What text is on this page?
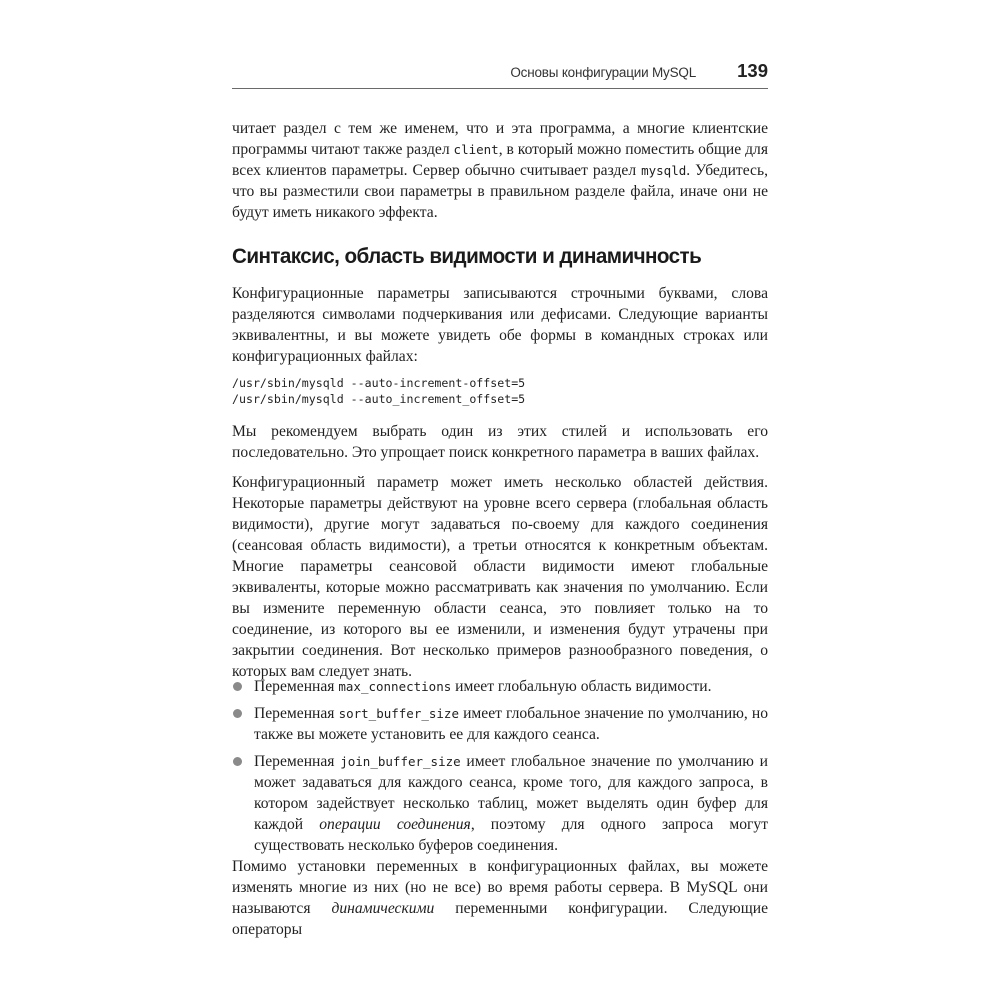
Основы конфигурации MySQL 139

читает раздел с тем же именем, что и эта программа, а многие клиентские программы читают также раздел client, в который можно поместить общие для всех клиентов параметры. Сервер обычно считывает раздел mysqld. Убедитесь, что вы разместили свои параметры в правильном разделе файла, иначе они не будут иметь никакого эффекта.

Синтаксис, область видимости и динамичность

Конфигурационные параметры записываются строчными буквами, слова разделяются символами подчеркивания или дефисами. Следующие варианты эквивалентны, и вы можете увидеть обе формы в командных строках или конфигурационных файлах:

/usr/sbin/mysqld --auto-increment-offset=5
/usr/sbin/mysqld --auto_increment_offset=5

Мы рекомендуем выбрать один из этих стилей и использовать его последовательно. Это упрощает поиск конкретного параметра в ваших файлах.

Конфигурационный параметр может иметь несколько областей действия. Некоторые параметры действуют на уровне всего сервера (глобальная область видимости), другие могут задаваться по-своему для каждого соединения (сеансовая область видимости), а третьи относятся к конкретным объектам. Многие параметры сеансовой области видимости имеют глобальные эквиваленты, которые можно рассматривать как значения по умолчанию. Если вы измените переменную области сеанса, это повлияет только на то соединение, из которого вы ее изменили, и изменения будут утрачены при закрытии соединения. Вот несколько примеров разнообразного поведения, о которых вам следует знать.

Переменная max_connections имеет глобальную область видимости.
Переменная sort_buffer_size имеет глобальное значение по умолчанию, но также вы можете установить ее для каждого сеанса.
Переменная join_buffer_size имеет глобальное значение по умолчанию и может задаваться для каждого сеанса, кроме того, для каждого запроса, в котором задействует несколько таблиц, может выделять один буфер для каждой операции соединения, поэтому для одного запроса могут существовать несколько буферов соединения.

Помимо установки переменных в конфигурационных файлах, вы можете изменять многие из них (но не все) во время работы сервера. В MySQL они называются динамическими переменными конфигурации. Следующие операторы
